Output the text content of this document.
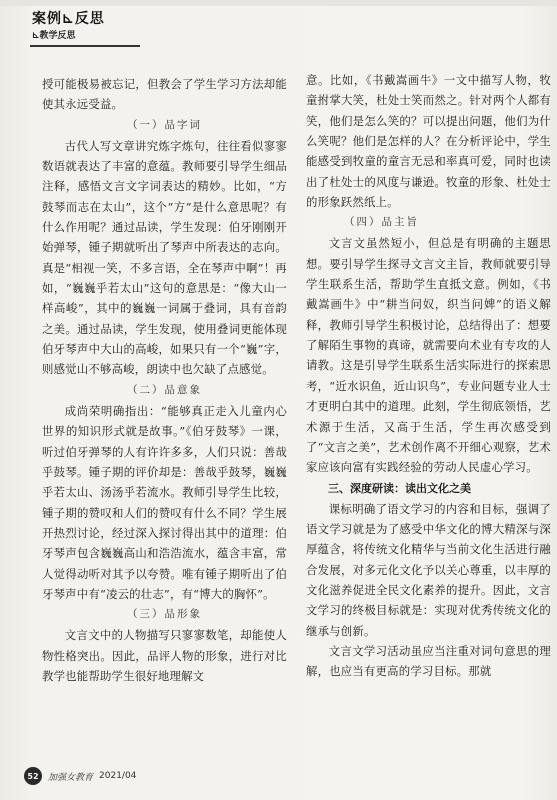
案例⊾反思
⊾教学反思

授可能极易被忘记，但教会了学生学习方法却能使其永远受益。

（一）品字词

古代人写文章讲究炼字炼句，往往看似寥寥数语就表达了丰富的意蕴。教师要引导学生细品注释，感悟文言文字词表达的精妙。比如，“方鼓琴而志在太山”，这个“方”是什么意思呢？有什么作用呢？通过品读，学生发现：伯牙刚刚开始弹琴，锺子期就听出了琴声中所表达的志向。真是“相视一笑，不多言语，全在琴声中啊”！再如，“巍巍乎若太山”这句的意思是：“像大山一样高峻”，其中的巍巍一词属于叠词，具有音韵之美。通过品读，学生发现，使用叠词更能体现伯牙琴声中大山的高峻，如果只有一个“巍”字，则感觉山不够高峻，朗读中也欠缺了点感觉。

（二）品意象

成尚荣明确指出：“能够真正走入儿童内心世界的知识形式就是故事。”《伯牙鼓琴》一课，听过伯牙弹琴的人有许许多多，人们只说：善哉乎鼓琴。锺子期的评价却是：善哉乎鼓琴，巍巍乎若太山、汤汤乎若流水。教师引导学生比较，锺子期的赞叹和人们的赞叹有什么不同？学生展开热烈讨论，经过深入探讨得出其中的道理：伯牙琴声包含巍巍高山和浩浩流水，蕴含丰富，常人觉得动听对其予以夸赞。唯有锺子期听出了伯牙琴声中有“凌云的壮志”，有“博大的胸怀”。

（三）品形象

文言文中的人物描写只寥寥数笔，却能使人物性格突出。因此，品评人物的形象，进行对比教学也能帮助学生很好地理解文

意。比如，《书戴嵩画牛》一文中描写人物，牧童拊掌大笑，杜处士笑而然之。针对两个人都有笑，他们是怎么笑的？可以提出问题，他们为什么笑呢？他们是怎样的人？在分析评论中，学生能感受到牧童的童言无忌和率真可爱，同时也读出了杜处士的风度与谦逊。牧童的形象、杜处士的形象跃然纸上。

（四）品主旨

文言文虽然短小，但总是有明确的主题思想。要引导学生探寻文言文主旨，教师就要引导学生联系生活，帮助学生直抵文意。例如，《书戴嵩画牛》中“耕当问奴，织当问婢”的语义解释，教师引导学生积极讨论，总结得出了：想要了解陌生事物的真谛，就需要向术业有专攻的人请教。这是引导学生联系生活实际进行的探索思考，“近水识鱼，近山识鸟”，专业问题专业人士才更明白其中的道理。此刻，学生彻底领悟，艺术源于生活，又高于生活，学生再次感受到了“文言之美”，艺术创作离不开细心观察，艺术家应该向富有实践经验的劳动人民虚心学习。

三、深度研读：读出文化之美

课标明确了语文学习的内容和目标，强调了语文学习就是为了感受中华文化的博大精深与深厚蕴含，将传统文化精华与当前文化生活进行融合发展，对多元化文化予以关心尊重，以丰厚的文化滋养促进全民文化素养的提升。因此，文言文学习的终极目标就是：实现对优秀传统文化的继承与创新。

文言文学习活动虽应当注重对词句意思的理解，也应当有更高的学习目标。那就

52	加强女教育 2021/04
